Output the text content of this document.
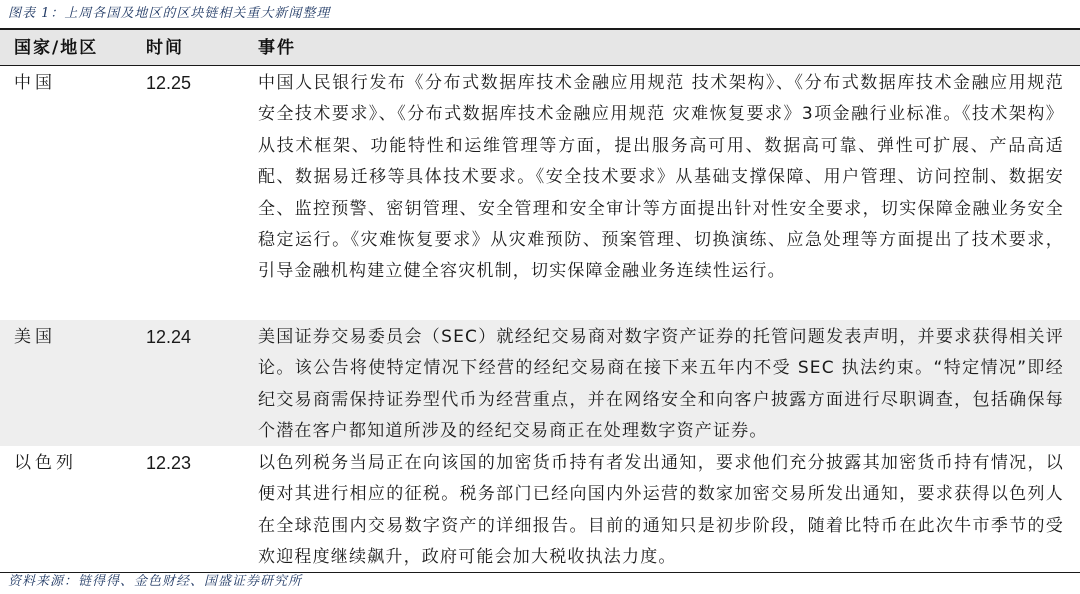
图表 1：上周各国及地区的区块链相关重大新闻整理
国家/地区	时间	事件
中国	12.25	中国人民银行发布《分布式数据库技术金融应用规范 技术架构》、《分布式数据库技术金融应用规范 安全技术要求》、《分布式数据库技术金融应用规范 灾难恢复要求》3项金融行业标准。《技术架构》从技术框架、功能特性和运维管理等方面，提出服务高可用、数据高可靠、弹性可扩展、产品高适配、数据易迁移等具体技术要求。《安全技术要求》从基础支撑保障、用户管理、访问控制、数据安全、监控预警、密钥管理、安全管理和安全审计等方面提出针对性安全要求，切实保障金融业务安全稳定运行。《灾难恢复要求》从灾难预防、预案管理、切换演练、应急处理等方面提出了技术要求，引导金融机构建立健全容灾机制，切实保障金融业务连续性运行。
美国	12.24	美国证券交易委员会（SEC）就经纪交易商对数字资产证券的托管问题发表声明，并要求获得相关评论。该公告将使特定情况下经营的经纪交易商在接下来五年内不受 SEC 执法约束。“特定情况”即经纪交易商需保持证券型代币为经营重点，并在网络安全和向客户披露方面进行尽职调查，包括确保每个潜在客户都知道所涉及的经纪交易商正在处理数字资产证券。
以色列	12.23	以色列税务当局正在向该国的加密货币持有者发出通知，要求他们充分披露其加密货币持有情况，以便对其进行相应的征税。税务部门已经向国内外运营的数家加密交易所发出通知，要求获得以色列人在全球范围内交易数字资产的详细报告。目前的通知只是初步阶段，随着比特币在此次牛市季节的受欢迎程度继续飙升，政府可能会加大税收执法力度。
资料来源：链得得、金色财经、国盛证券研究所
